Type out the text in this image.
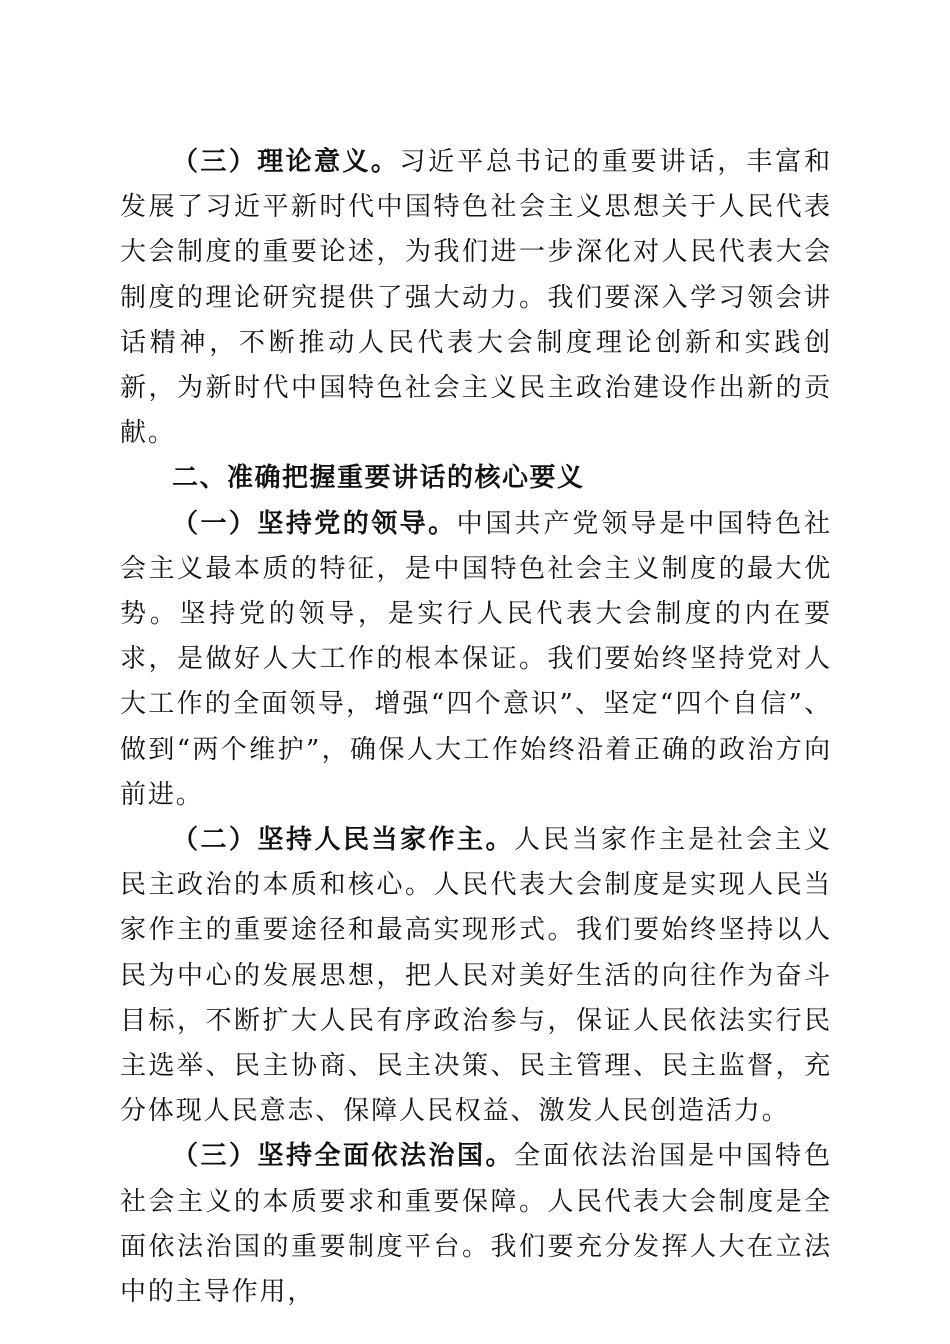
（三）理论意义。习近平总书记的重要讲话，丰富和发展了习近平新时代中国特色社会主义思想关于人民代表大会制度的重要论述，为我们进一步深化对人民代表大会制度的理论研究提供了强大动力。我们要深入学习领会讲话精神，不断推动人民代表大会制度理论创新和实践创新，为新时代中国特色社会主义民主政治建设作出新的贡献。

二、准确把握重要讲话的核心要义

（一）坚持党的领导。中国共产党领导是中国特色社会主义最本质的特征，是中国特色社会主义制度的最大优势。坚持党的领导，是实行人民代表大会制度的内在要求，是做好人大工作的根本保证。我们要始终坚持党对人大工作的全面领导，增强“四个意识”、坚定“四个自信”、做到“两个维护”，确保人大工作始终沿着正确的政治方向前进。

（二）坚持人民当家作主。人民当家作主是社会主义民主政治的本质和核心。人民代表大会制度是实现人民当家作主的重要途径和最高实现形式。我们要始终坚持以人民为中心的发展思想，把人民对美好生活的向往作为奋斗目标，不断扩大人民有序政治参与，保证人民依法实行民主选举、民主协商、民主决策、民主管理、民主监督，充分体现人民意志、保障人民权益、激发人民创造活力。

（三）坚持全面依法治国。全面依法治国是中国特色社会主义的本质要求和重要保障。人民代表大会制度是全面依法治国的重要制度平台。我们要充分发挥人大在立法中的主导作用，
